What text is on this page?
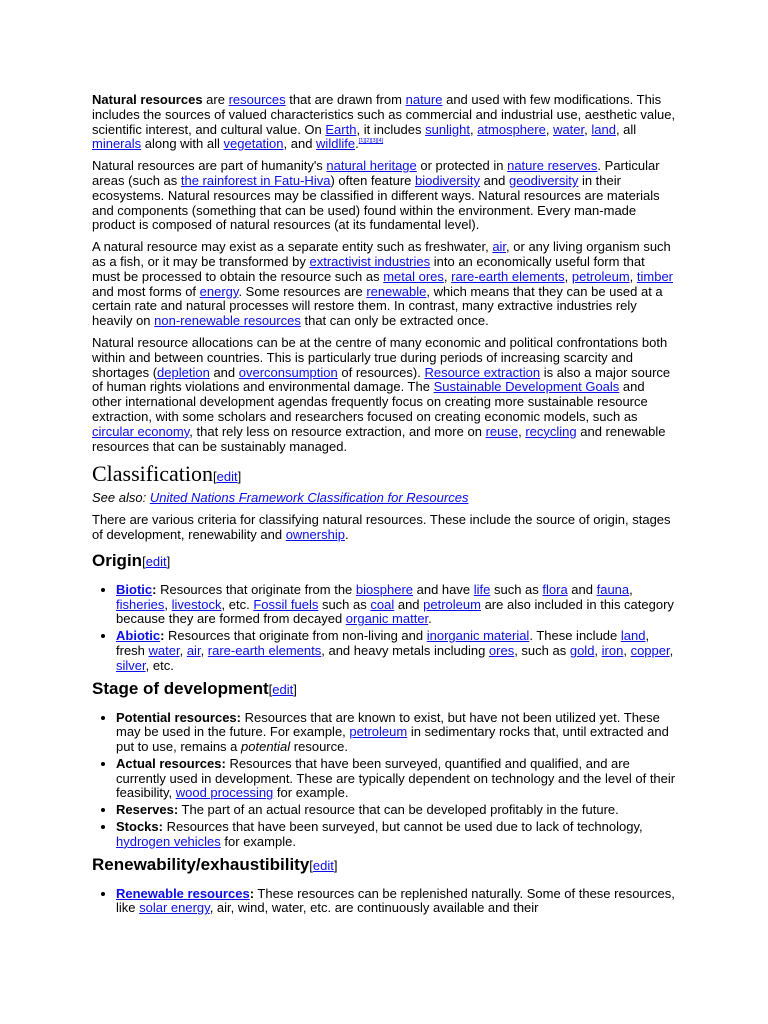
Natural resources are resources that are drawn from nature and used with few modifications. This includes the sources of valued characteristics such as commercial and industrial use, aesthetic value, scientific interest, and cultural value. On Earth, it includes sunlight, atmosphere, water, land, all minerals along with all vegetation, and wildlife.[1][2][3][4]

Natural resources are part of humanity's natural heritage or protected in nature reserves. Particular areas (such as the rainforest in Fatu-Hiva) often feature biodiversity and geodiversity in their ecosystems. Natural resources may be classified in different ways. Natural resources are materials and components (something that can be used) found within the environment. Every man-made product is composed of natural resources (at its fundamental level).

A natural resource may exist as a separate entity such as freshwater, air, or any living organism such as a fish, or it may be transformed by extractivist industries into an economically useful form that must be processed to obtain the resource such as metal ores, rare-earth elements, petroleum, timber and most forms of energy. Some resources are renewable, which means that they can be used at a certain rate and natural processes will restore them. In contrast, many extractive industries rely heavily on non-renewable resources that can only be extracted once.

Natural resource allocations can be at the centre of many economic and political confrontations both within and between countries. This is particularly true during periods of increasing scarcity and shortages (depletion and overconsumption of resources). Resource extraction is also a major source of human rights violations and environmental damage. The Sustainable Development Goals and other international development agendas frequently focus on creating more sustainable resource extraction, with some scholars and researchers focused on creating economic models, such as circular economy, that rely less on resource extraction, and more on reuse, recycling and renewable resources that can be sustainably managed.

Classification[edit]

See also: United Nations Framework Classification for Resources

There are various criteria for classifying natural resources. These include the source of origin, stages of development, renewability and ownership.

Origin[edit]
• Biotic: Resources that originate from the biosphere and have life such as flora and fauna, fisheries, livestock, etc. Fossil fuels such as coal and petroleum are also included in this category because they are formed from decayed organic matter.
• Abiotic: Resources that originate from non-living and inorganic material. These include land, fresh water, air, rare-earth elements, and heavy metals including ores, such as gold, iron, copper, silver, etc.
Stage of development[edit]
• Potential resources: Resources that are known to exist, but have not been utilized yet. These may be used in the future. For example, petroleum in sedimentary rocks that, until extracted and put to use, remains a potential resource.
• Actual resources: Resources that have been surveyed, quantified and qualified, and are currently used in development. These are typically dependent on technology and the level of their feasibility, wood processing for example.
• Reserves: The part of an actual resource that can be developed profitably in the future.
• Stocks: Resources that have been surveyed, but cannot be used due to lack of technology, hydrogen vehicles for example.
Renewability/exhaustibility[edit]
• Renewable resources: These resources can be replenished naturally. Some of these resources, like solar energy, air, wind, water, etc. are continuously available and their
